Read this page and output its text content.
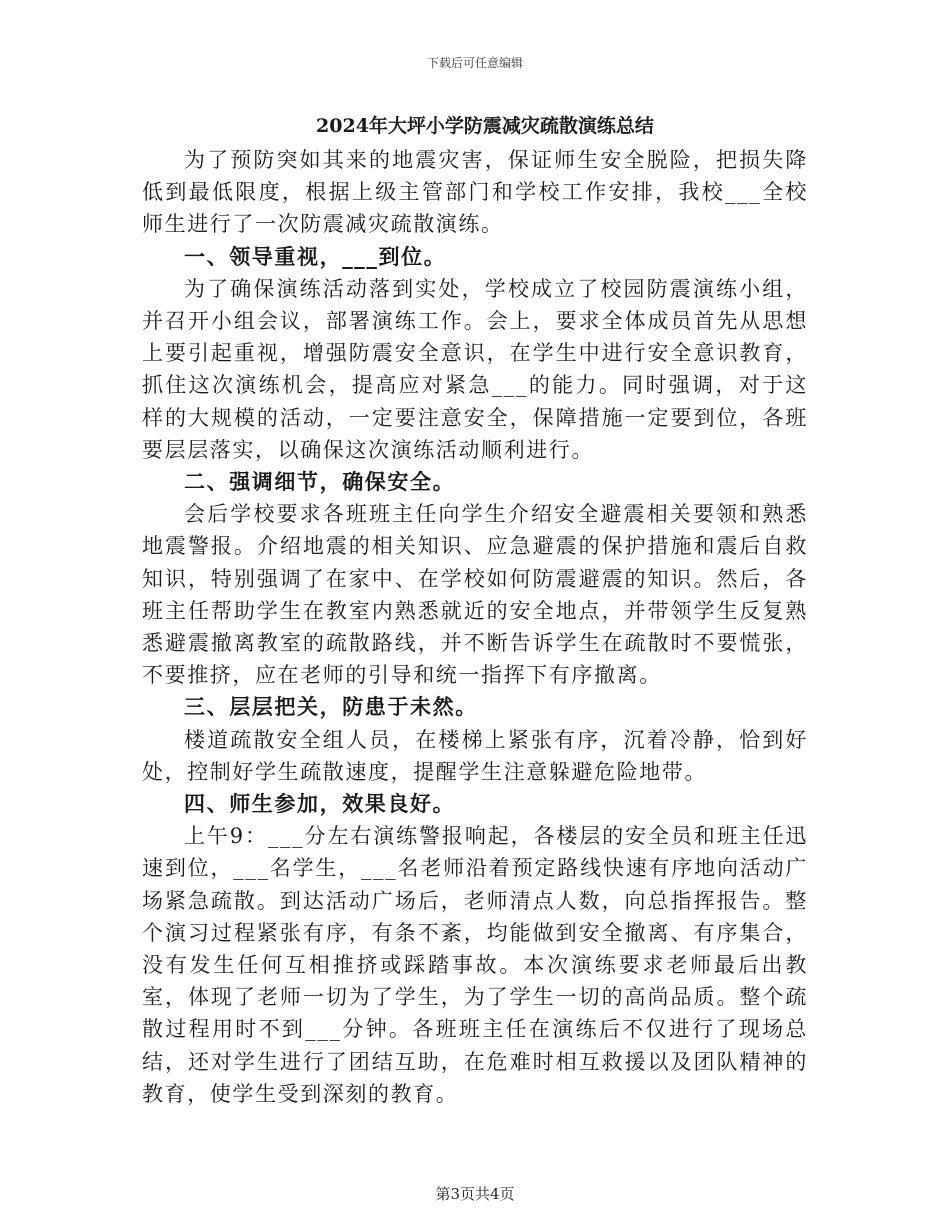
下载后可任意编辑
2024年大坪小学防震减灾疏散演练总结

为了预防突如其来的地震灾害，保证师生安全脱险，把损失降低到最低限度，根据上级主管部门和学校工作安排，我校___全校师生进行了一次防震减灾疏散演练。

一、领导重视，___到位。

为了确保演练活动落到实处，学校成立了校园防震演练小组，并召开小组会议，部署演练工作。会上，要求全体成员首先从思想上要引起重视，增强防震安全意识，在学生中进行安全意识教育，抓住这次演练机会，提高应对紧急___的能力。同时强调，对于这样的大规模的活动，一定要注意安全，保障措施一定要到位，各班要层层落实，以确保这次演练活动顺利进行。

二、强调细节，确保安全。

会后学校要求各班班主任向学生介绍安全避震相关要领和熟悉地震警报。介绍地震的相关知识、应急避震的保护措施和震后自救知识，特别强调了在家中、在学校如何防震避震的知识。然后，各班主任帮助学生在教室内熟悉就近的安全地点，并带领学生反复熟悉避震撤离教室的疏散路线，并不断告诉学生在疏散时不要慌张，不要推挤，应在老师的引导和统一指挥下有序撤离。

三、层层把关，防患于未然。

楼道疏散安全组人员，在楼梯上紧张有序，沉着冷静，恰到好处，控制好学生疏散速度，提醒学生注意躲避危险地带。

四、师生参加，效果良好。

上午9：___分左右演练警报响起，各楼层的安全员和班主任迅速到位，___名学生，___名老师沿着预定路线快速有序地向活动广场紧急疏散。到达活动广场后，老师清点人数，向总指挥报告。整个演习过程紧张有序，有条不紊，均能做到安全撤离、有序集合，没有发生任何互相推挤或踩踏事故。本次演练要求老师最后出教室，体现了老师一切为了学生，为了学生一切的高尚品质。整个疏散过程用时不到___分钟。各班班主任在演练后不仅进行了现场总结，还对学生进行了团结互助，在危难时相互救援以及团队精神的教育，使学生受到深刻的教育。

第3页共4页
